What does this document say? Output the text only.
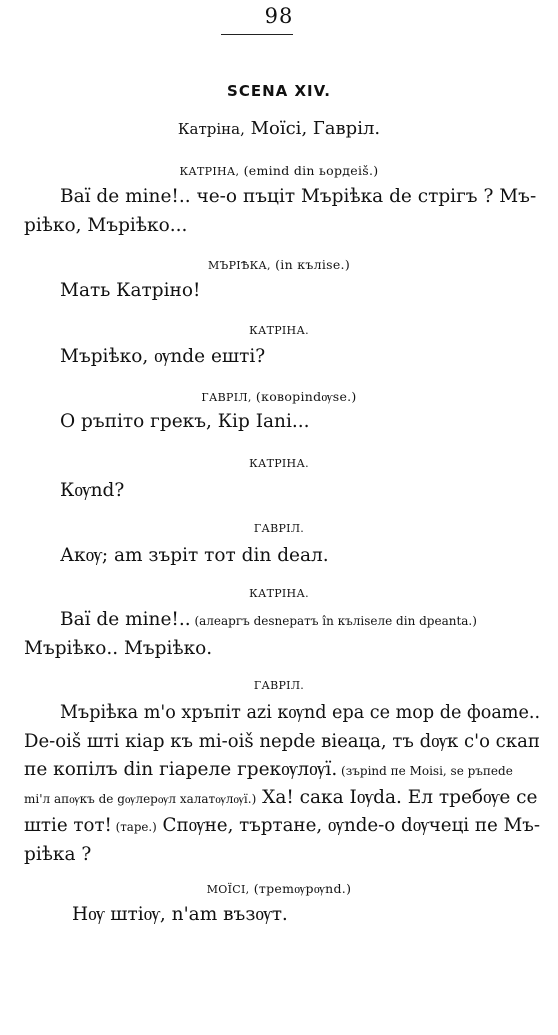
98
SCENA XIV.
Катріна, Моїсі, Гаврiл.
КАТРІНА, (еmind din ьордеiš.)
Ваї dе mіnе!.. че-о пъцiт Мъріѣка dе стрігъ ? Мъ-
ріѣко, Мъріѣко...
МЪРІѢКА, (in кълise.)
Мать Катріно!
КАТРІНА.
Мъріѣко, ѹnde ешті?
ГАВРІЛ, (коворіndѹse.)
О ръпіто грекъ, Кір Іanі...
КАТРІНА.
Кѹnd?
ГАВРІЛ.
Акѹ; am зъріт тот din deал.
КАТРІНА.
Ваї dе mіnе!.. (алeаргъ desnepaтъ în кълiseле dіn dpeanta.)
Мъріѣко.. Мъріѣко.
ГАВРІЛ.
Мъріѣка m'о хръпiт azi кѹnd ера се mор dе фоаme..
Dе-оiš шті кіар къ mі-оiš nерdе віеаца, тъ dѹк с'о скап
пе копілъ din гіареле грекѹлѹї. (зъріnd пе Моisi, sе ръпеdе
mі'л апѹкъ dе gѹлерѹл халатѹлѹї.) Ха! сака Іѹdа. Ел требѹе се
штіе тот! (таре.) Спѹне, търтане, ѹnde-о dѹчеці пе Мъ-
ріѣка ?
МОЇСІ, (треmѹрѹnd.)
Нѹ штіѹ, n'am възѹт.
